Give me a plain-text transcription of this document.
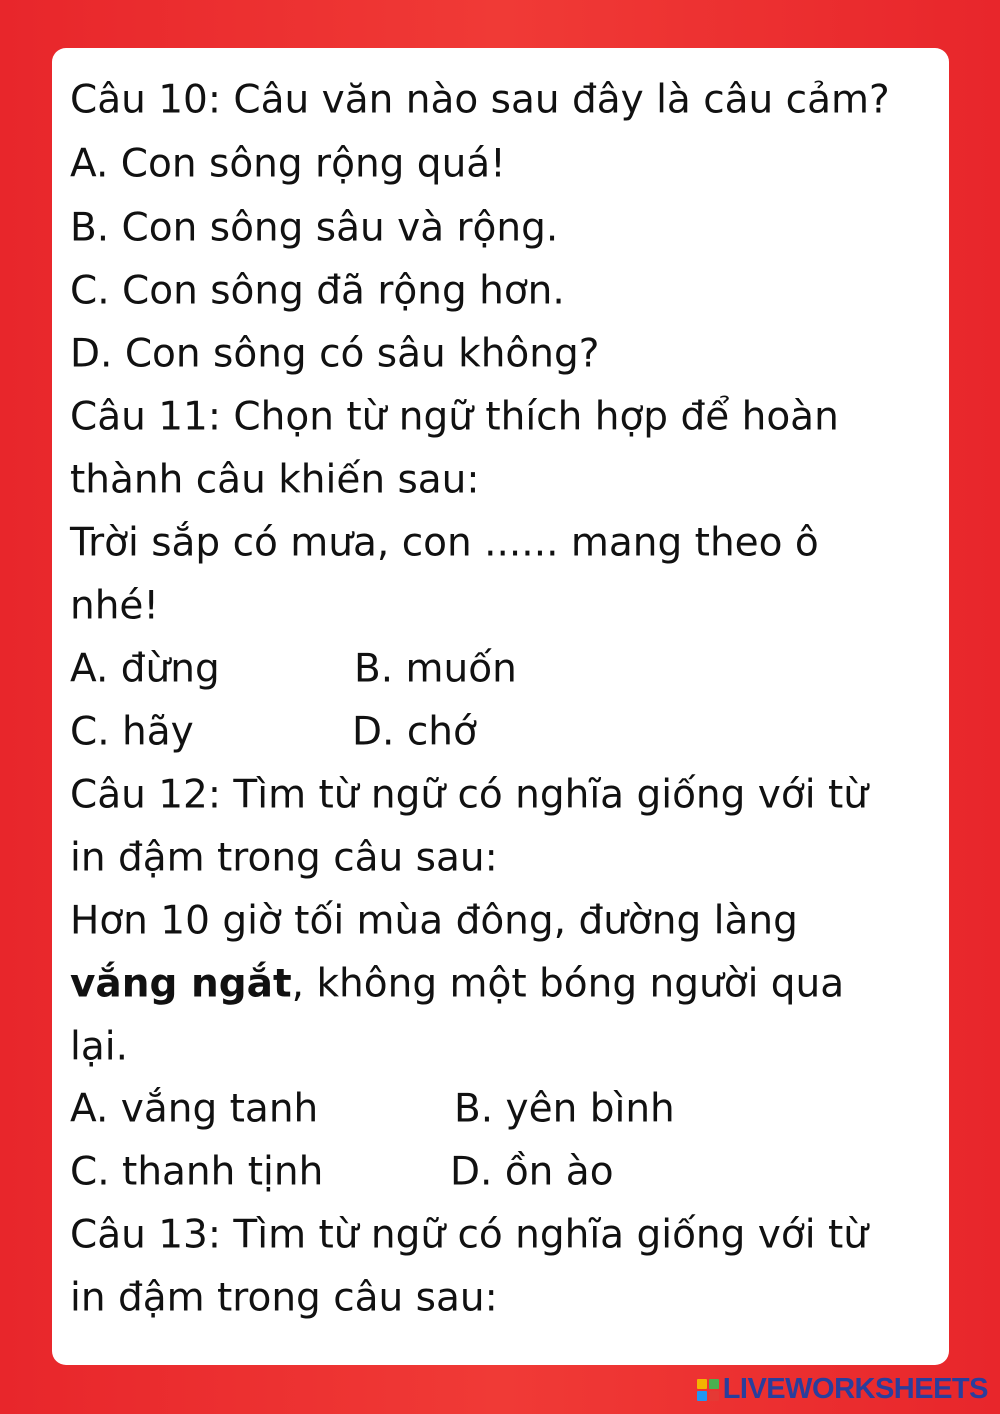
Câu 10: Câu văn nào sau đây là câu cảm?
A. Con sông rộng quá!
B. Con sông sâu và rộng.
C. Con sông đã rộng hơn.
D. Con sông có sâu không?
Câu 11: Chọn từ ngữ thích hợp để hoàn
thành câu khiến sau:
Trời sắp có mưa, con ...... mang theo ô
nhé!
A. đừng	B. muốn
C. hãy	D. chớ
Câu 12: Tìm từ ngữ có nghĩa giống với từ
in đậm trong câu sau:
Hơn 10 giờ tối mùa đông, đường làng
vắng ngắt, không một bóng người qua
lại.
A. vắng tanh	B. yên bình
C. thanh tịnh	D. ồn ào
Câu 13: Tìm từ ngữ có nghĩa giống với từ
in đậm trong câu sau:
LIVEWORKSHEETS
